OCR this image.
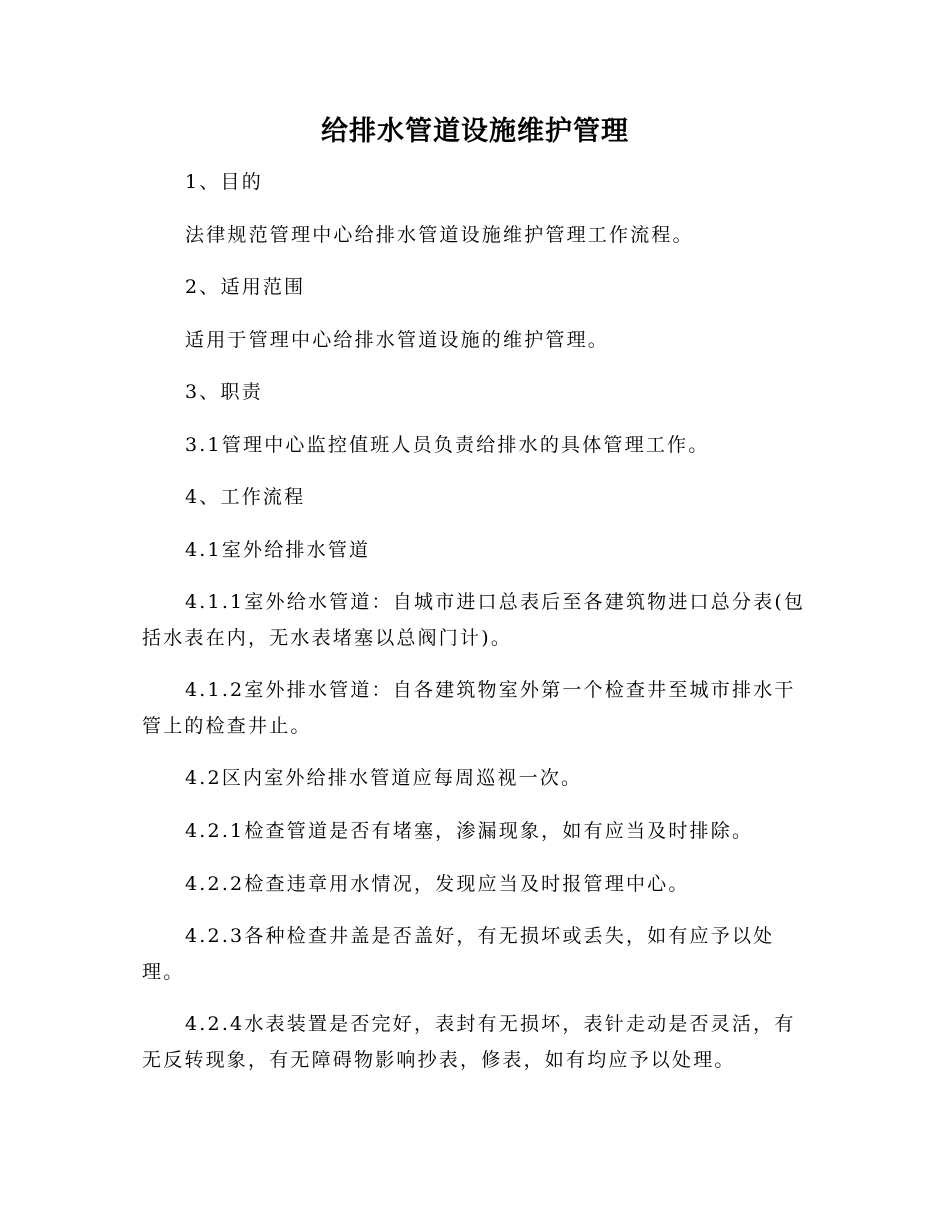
给排水管道设施维护管理

1、目的

法律规范管理中心给排水管道设施维护管理工作流程。

2、适用范围

适用于管理中心给排水管道设施的维护管理。

3、职责

3.1管理中心监控值班人员负责给排水的具体管理工作。

4、工作流程

4.1室外给排水管道

4.1.1室外给水管道：自城市进口总表后至各建筑物进口总分表(包括水表在内，无水表堵塞以总阀门计)。

4.1.2室外排水管道：自各建筑物室外第一个检查井至城市排水干管上的检查井止。

4.2区内室外给排水管道应每周巡视一次。

4.2.1检查管道是否有堵塞，渗漏现象，如有应当及时排除。

4.2.2检查违章用水情况，发现应当及时报管理中心。

4.2.3各种检查井盖是否盖好，有无损坏或丢失，如有应予以处理。

4.2.4水表装置是否完好，表封有无损坏，表针走动是否灵活，有无反转现象，有无障碍物影响抄表，修表，如有均应予以处理。
